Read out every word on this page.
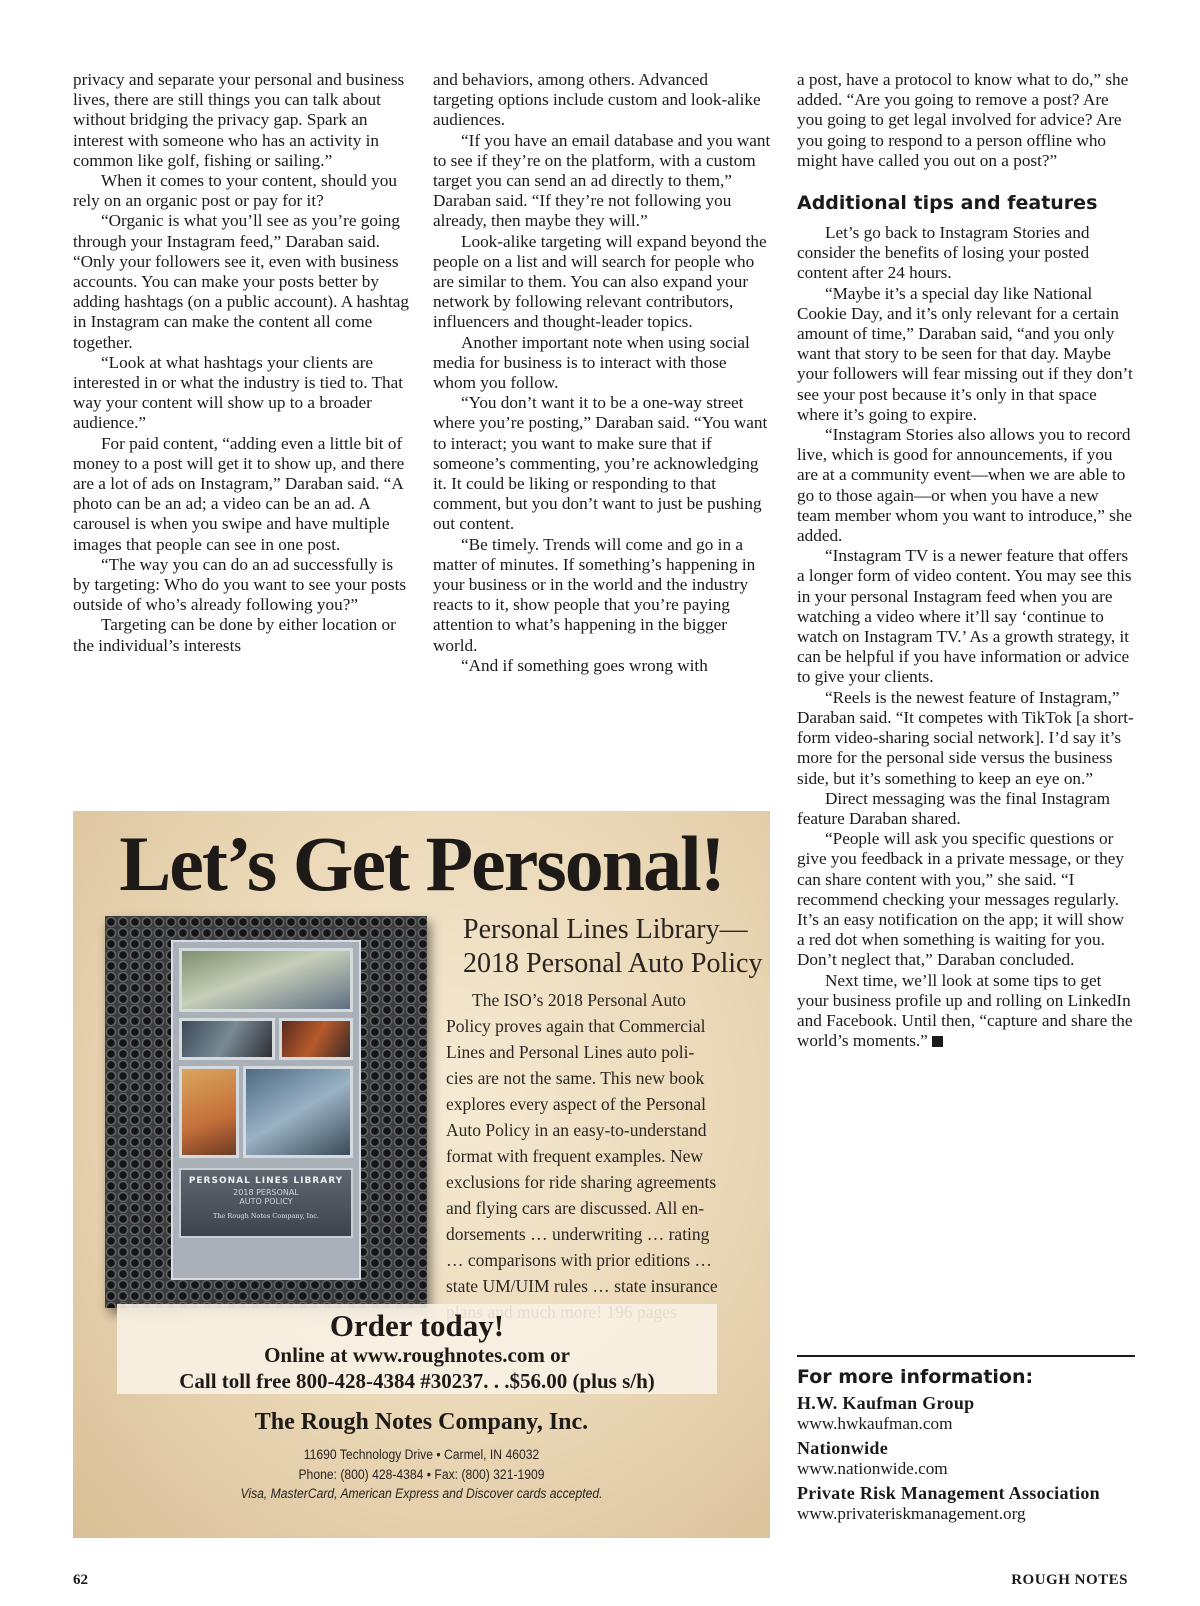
privacy and separate your personal and business lives, there are still things you can talk about without bridging the privacy gap. Spark an interest with someone who has an activity in common like golf, fishing or sailing.”

When it comes to your content, should you rely on an organic post or pay for it?

“Organic is what you’ll see as you’re going through your Instagram feed,” Daraban said. “Only your followers see it, even with business accounts. You can make your posts better by adding hashtags (on a public account). A hashtag in Instagram can make the content all come together.

“Look at what hashtags your clients are interested in or what the industry is tied to. That way your content will show up to a broader audience.”

For paid content, “adding even a little bit of money to a post will get it to show up, and there are a lot of ads on Instagram,” Daraban said. “A photo can be an ad; a video can be an ad. A carousel is when you swipe and have multiple images that people can see in one post.

“The way you can do an ad successfully is by targeting: Who do you want to see your posts outside of who’s already following you?”

Targeting can be done by either location or the individual’s interests

and behaviors, among others. Advanced targeting options include custom and look-alike audiences.

“If you have an email database and you want to see if they’re on the platform, with a custom target you can send an ad directly to them,” Daraban said. “If they’re not following you already, then maybe they will.”

Look-alike targeting will expand beyond the people on a list and will search for people who are similar to them. You can also expand your network by following relevant contributors, influencers and thought-leader topics.

Another important note when using social media for business is to interact with those whom you follow.

“You don’t want it to be a one-way street where you’re posting,” Daraban said. “You want to interact; you want to make sure that if someone’s commenting, you’re acknowledging it. It could be liking or responding to that comment, but you don’t want to just be pushing out content.

“Be timely. Trends will come and go in a matter of minutes. If something’s happening in your business or in the world and the industry reacts to it, show people that you’re paying attention to what’s happening in the bigger world.

“And if something goes wrong with

a post, have a protocol to know what to do,” she added. “Are you going to remove a post? Are you going to get legal involved for advice? Are you going to respond to a person offline who might have called you out on a post?”

Additional tips and features

Let’s go back to Instagram Stories and consider the benefits of losing your posted content after 24 hours.

“Maybe it’s a special day like National Cookie Day, and it’s only relevant for a certain amount of time,” Daraban said, “and you only want that story to be seen for that day. Maybe your followers will fear missing out if they don’t see your post because it’s only in that space where it’s going to expire.

“Instagram Stories also allows you to record live, which is good for announcements, if you are at a community event—when we are able to go to those again—or when you have a new team member whom you want to introduce,” she added.

“Instagram TV is a newer feature that offers a longer form of video content. You may see this in your personal Instagram feed when you are watching a video where it’ll say ‘continue to watch on Instagram TV.’ As a growth strategy, it can be helpful if you have information or advice to give your clients.

“Reels is the newest feature of Instagram,” Daraban said. “It competes with TikTok [a short-form video-sharing social network]. I’d say it’s more for the personal side versus the business side, but it’s something to keep an eye on.”

Direct messaging was the final Instagram feature Daraban shared.

“People will ask you specific questions or give you feedback in a private message, or they can share content with you,” she said. “I recommend checking your messages regularly. It’s an easy notification on the app; it will show a red dot when something is waiting for you. Don’t neglect that,” Daraban concluded.

Next time, we’ll look at some tips to get your business profile up and rolling on LinkedIn and Facebook. Until then, “capture and share the world’s moments.”

Let’s Get Personal!
PERSONAL LINES LIBRARY
2018 PERSONAL
AUTO POLICY
The Rough Notes Company, Inc.
Personal Lines Library—
2018 Personal Auto Policy
The ISO’s 2018 Personal Auto
Policy proves again that Commercial
Lines and Personal Lines auto poli-
cies are not the same. This new book
explores every aspect of the Personal
Auto Policy in an easy-to-understand
format with frequent examples. New
exclusions for ride sharing agreements
and flying cars are discussed. All en-
dorsements … underwriting … rating
… comparisons with prior editions …
state UM/UIM rules … state insurance
Order today!
Online at www.roughnotes.com or
Call toll free 800-428-4384 #30237. . .$56.00 (plus s/h)
The Rough Notes Company, Inc.
11690 Technology Drive • Carmel, IN 46032
Phone: (800) 428-4384 • Fax: (800) 321-1909
Visa, MasterCard, American Express and Discover cards accepted.
For more information:
H.W. Kaufman Group
www.hwkaufman.com
Nationwide
www.nationwide.com
Private Risk Management Association
www.privateriskmanagement.org
62	ROUGH NOTES
